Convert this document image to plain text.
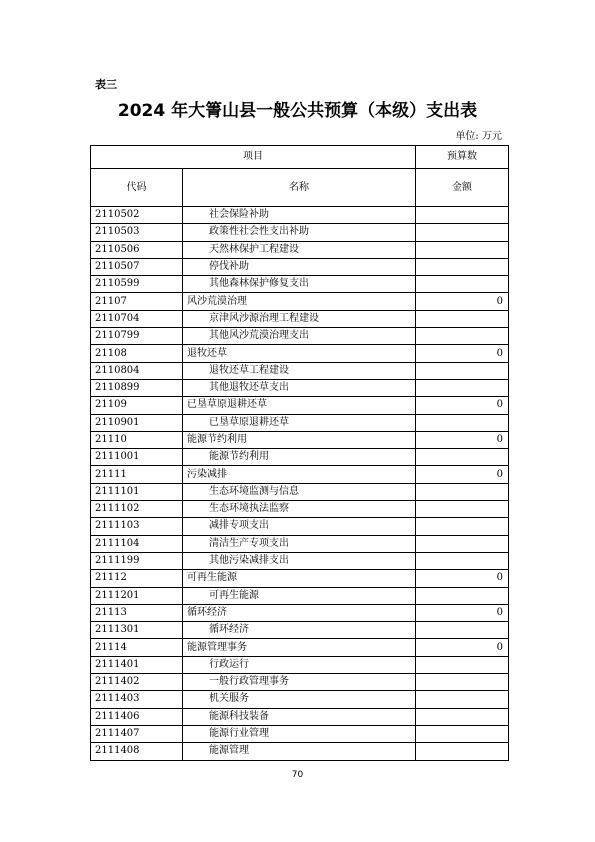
表三
2024 年大箐山县一般公共预算（本级）支出表
单位: 万元
项目		预算数
代码	名称	金额
2110502	社会保险补助	
2110503	政策性社会性支出补助	
2110506	天然林保护工程建设	
2110507	停伐补助	
2110599	其他森林保护修复支出	
21107	风沙荒漠治理	0
2110704	京津风沙源治理工程建设	
2110799	其他风沙荒漠治理支出	
21108	退牧还草	0
2110804	退牧还草工程建设	
2110899	其他退牧还草支出	
21109	已垦草原退耕还草	0
2110901	已垦草原退耕还草	
21110	能源节约利用	0
2111001	能源节约利用	
21111	污染减排	0
2111101	生态环境监测与信息	
2111102	生态环境执法监察	
2111103	减排专项支出	
2111104	清洁生产专项支出	
2111199	其他污染减排支出	
21112	可再生能源	0
2111201	可再生能源	
21113	循环经济	0
2111301	循环经济	
21114	能源管理事务	0
2111401	行政运行	
2111402	一般行政管理事务	
2111403	机关服务	
2111406	能源科技装备	
2111407	能源行业管理	
2111408	能源管理	
70
